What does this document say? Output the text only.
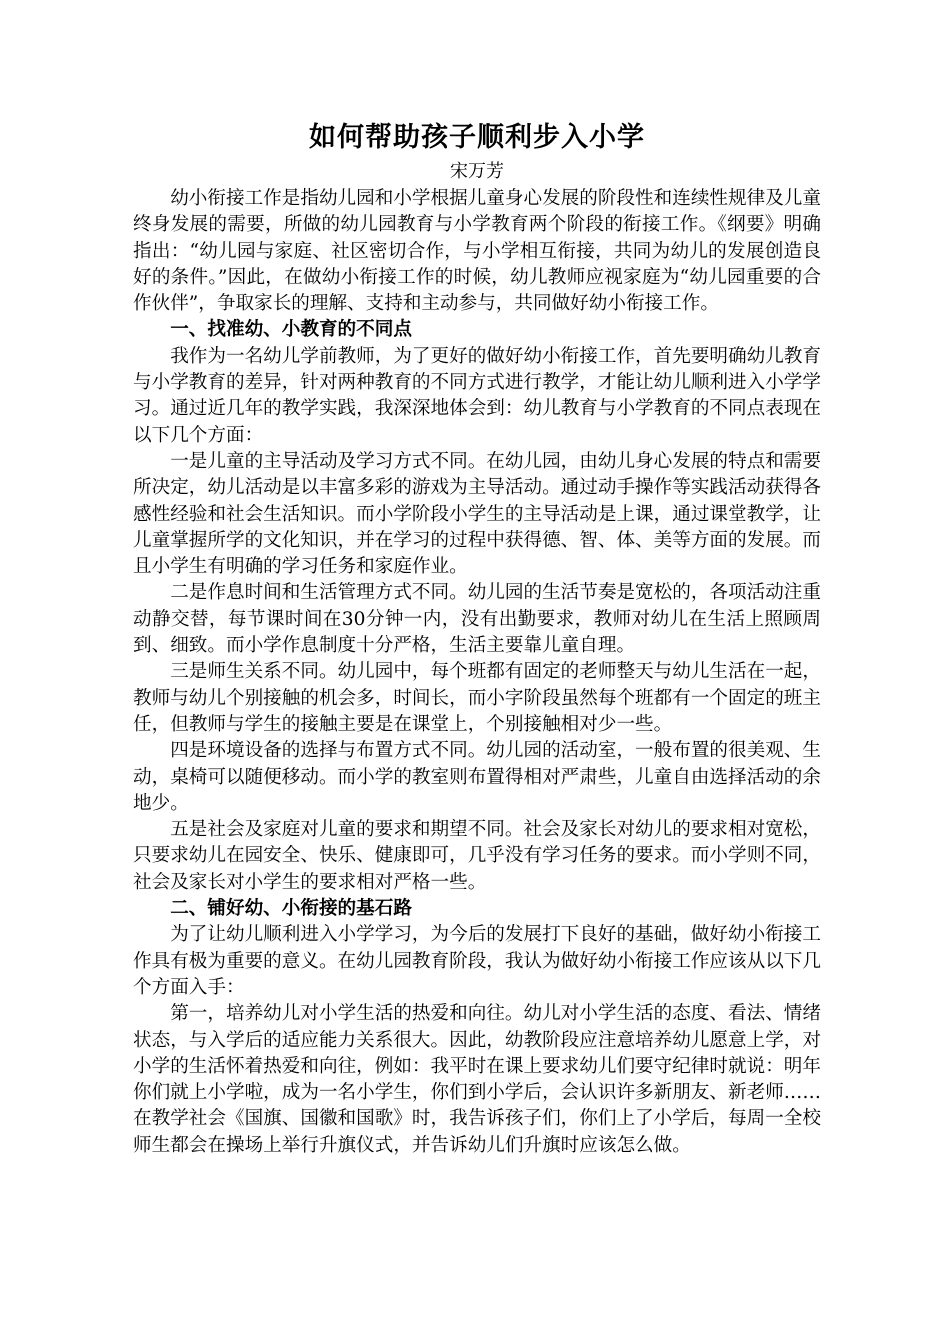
如何帮助孩子顺利步入小学

宋万芳

幼小衔接工作是指幼儿园和小学根据儿童身心发展的阶段性和连续性规律及儿童终身发展的需要，所做的幼儿园教育与小学教育两个阶段的衔接工作。《纲要》明确指出：“幼儿园与家庭、社区密切合作，与小学相互衔接，共同为幼儿的发展创造良好的条件。”因此，在做幼小衔接工作的时候，幼儿教师应视家庭为“幼儿园重要的合作伙伴”，争取家长的理解、支持和主动参与，共同做好幼小衔接工作。

一、找准幼、小教育的不同点

我作为一名幼儿学前教师，为了更好的做好幼小衔接工作，首先要明确幼儿教育与小学教育的差异，针对两种教育的不同方式进行教学，才能让幼儿顺利进入小学学习。通过近几年的教学实践，我深深地体会到：幼儿教育与小学教育的不同点表现在以下几个方面：

一是儿童的主导活动及学习方式不同。在幼儿园，由幼儿身心发展的特点和需要所决定，幼儿活动是以丰富多彩的游戏为主导活动。通过动手操作等实践活动获得各感性经验和社会生活知识。而小学阶段小学生的主导活动是上课，通过课堂教学，让儿童掌握所学的文化知识，并在学习的过程中获得德、智、体、美等方面的发展。而且小学生有明确的学习任务和家庭作业。

二是作息时间和生活管理方式不同。幼儿园的生活节奏是宽松的，各项活动注重动静交替，每节课时间在30分钟一内，没有出勤要求，教师对幼儿在生活上照顾周到、细致。而小学作息制度十分严格，生活主要靠儿童自理。

三是师生关系不同。幼儿园中，每个班都有固定的老师整天与幼儿生活在一起，教师与幼儿个别接触的机会多，时间长，而小字阶段虽然每个班都有一个固定的班主任，但教师与学生的接触主要是在课堂上，个别接触相对少一些。

四是环境设备的选择与布置方式不同。幼儿园的活动室，一般布置的很美观、生动，桌椅可以随便移动。而小学的教室则布置得相对严肃些，儿童自由选择活动的余地少。

五是社会及家庭对儿童的要求和期望不同。社会及家长对幼儿的要求相对宽松，只要求幼儿在园安全、快乐、健康即可，几乎没有学习任务的要求。而小学则不同，社会及家长对小学生的要求相对严格一些。

二、铺好幼、小衔接的基石路

为了让幼儿顺利进入小学学习，为今后的发展打下良好的基础，做好幼小衔接工作具有极为重要的意义。在幼儿园教育阶段，我认为做好幼小衔接工作应该从以下几个方面入手：

第一，培养幼儿对小学生活的热爱和向往。幼儿对小学生活的态度、看法、情绪状态，与入学后的适应能力关系很大。因此，幼教阶段应注意培养幼儿愿意上学，对小学的生活怀着热爱和向往，例如：我平时在课上要求幼儿们要守纪律时就说：明年你们就上小学啦，成为一名小学生，你们到小学后，会认识许多新朋友、新老师……在教学社会《国旗、国徽和国歌》时，我告诉孩子们，你们上了小学后，每周一全校师生都会在操场上举行升旗仪式，并告诉幼儿们升旗时应该怎么做。
